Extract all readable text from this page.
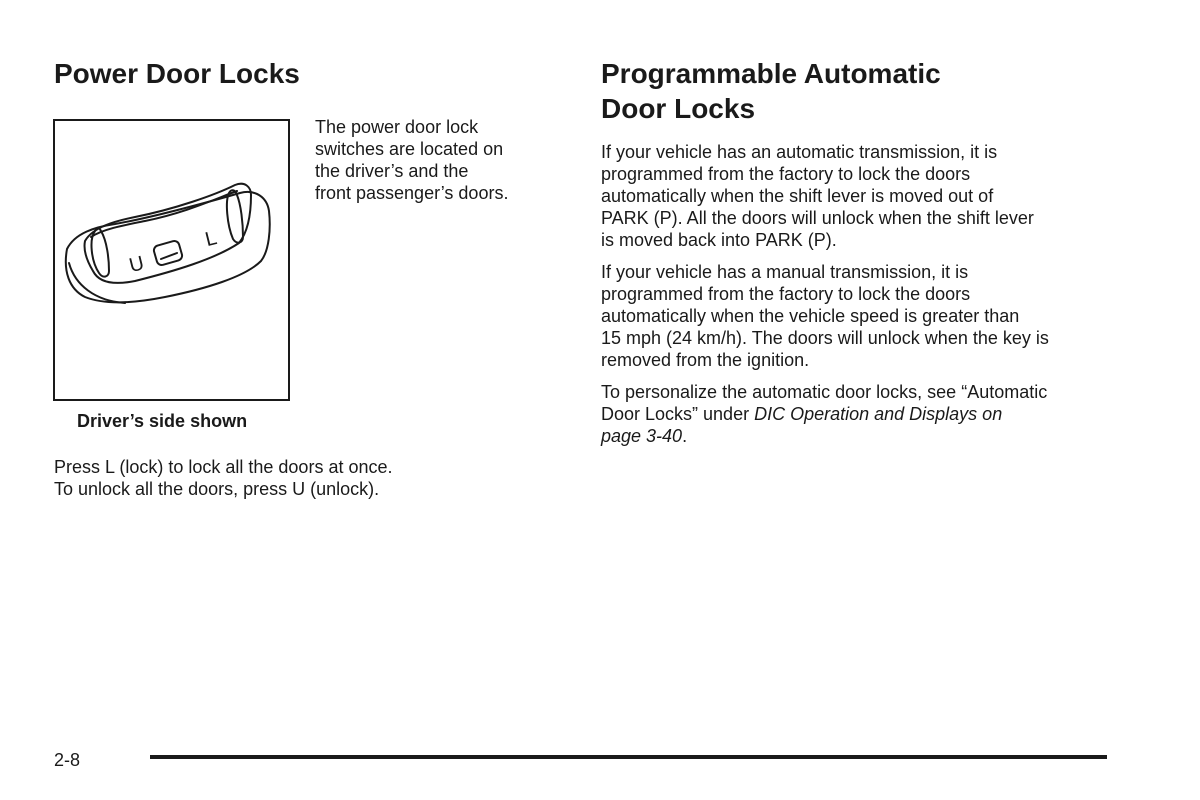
Power Door Locks
U
L
Driver’s side shown
The power door lock
switches are located on
the driver’s and the
front passenger’s doors.
Press L (lock) to lock all the doors at once.
To unlock all the doors, press U (unlock).
Programmable Automatic
Door Locks

If your vehicle has an automatic transmission, it is
programmed from the factory to lock the doors
automatically when the shift lever is moved out of
PARK (P). All the doors will unlock when the shift lever
is moved back into PARK (P).

If your vehicle has a manual transmission, it is
programmed from the factory to lock the doors
automatically when the vehicle speed is greater than
15 mph (24 km/h). The doors will unlock when the key is
removed from the ignition.

To personalize the automatic door locks, see “Automatic
Door Locks” under DIC Operation and Displays on
page 3-40.

2-8
